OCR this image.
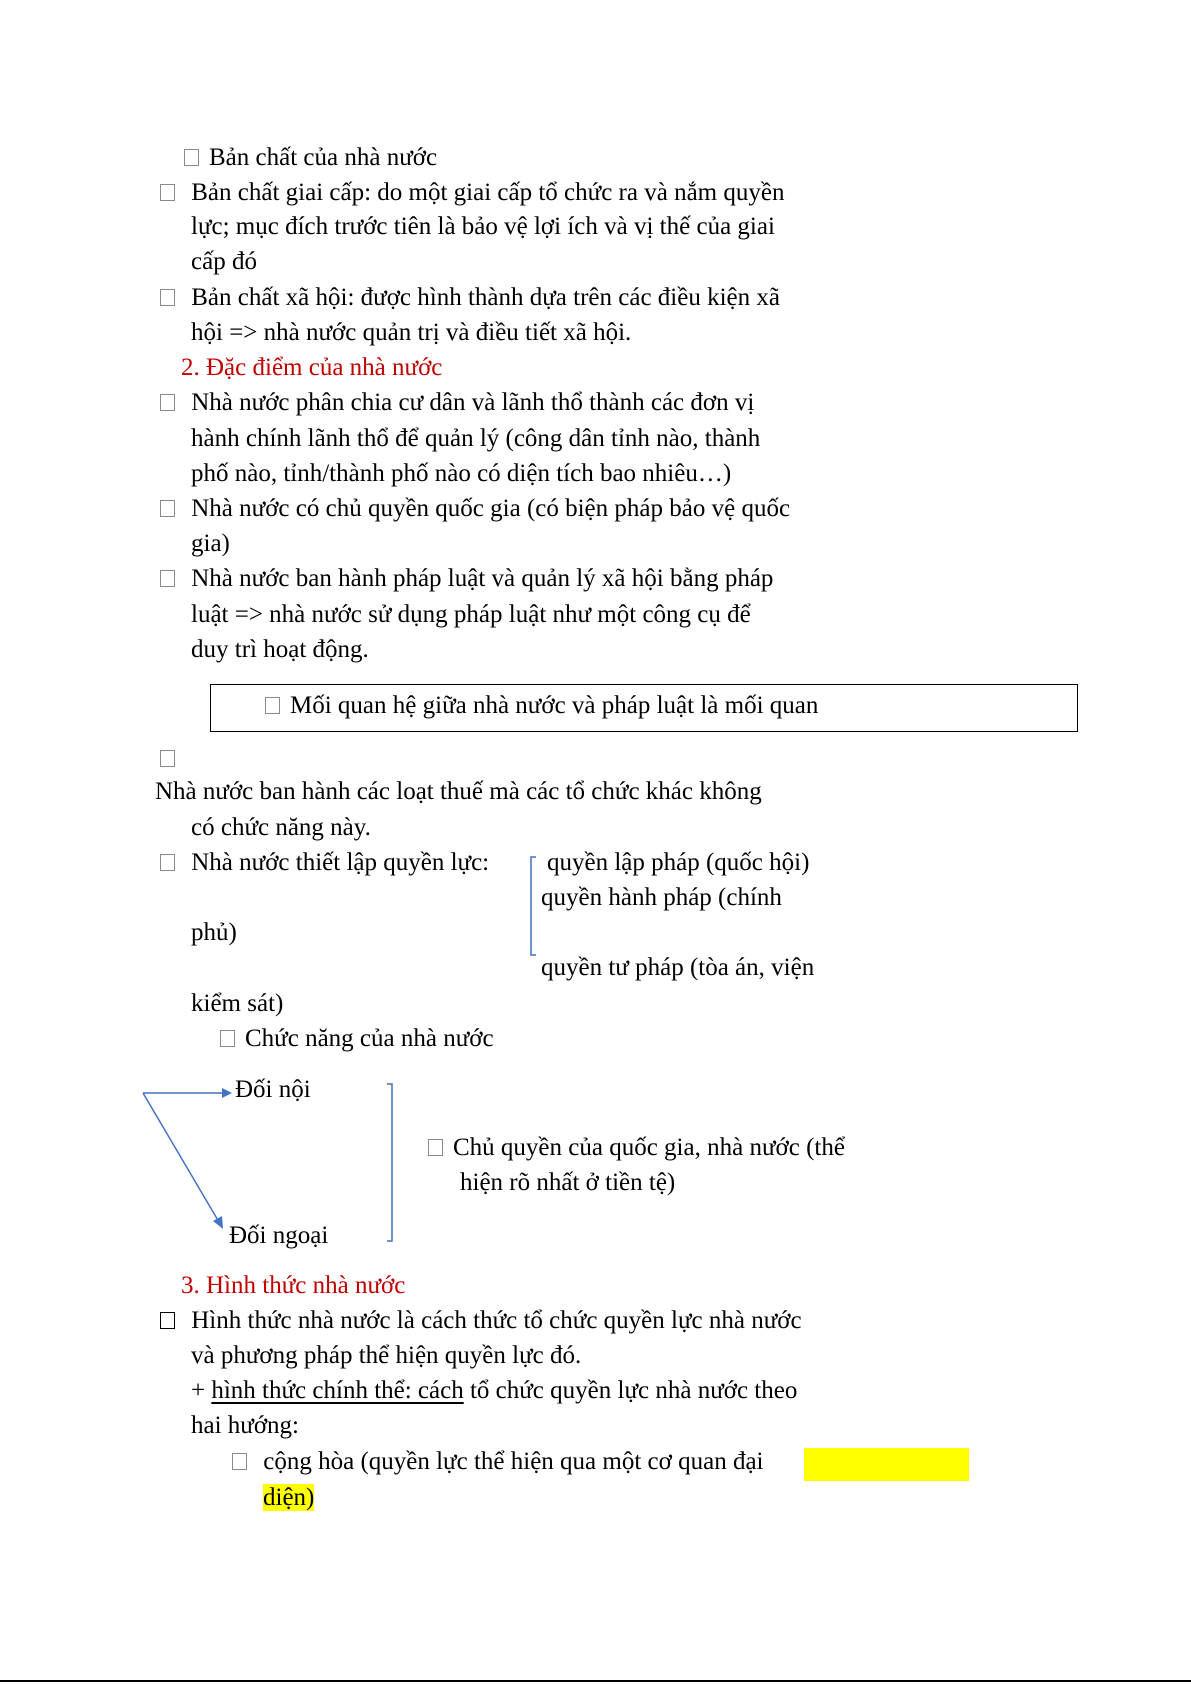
Bản chất của nhà nước
Bản chất giai cấp: do một giai cấp tổ chức ra và nắm quyền
lực; mục đích trước tiên là bảo vệ lợi ích và vị thế của giai
cấp đó
Bản chất xã hội: được hình thành dựa trên các điều kiện xã
hội => nhà nước quản trị và điều tiết xã hội.
2. Đặc điểm của nhà nước
Nhà nước phân chia cư dân và lãnh thổ thành các đơn vị
hành chính lãnh thổ để quản lý (công dân tỉnh nào, thành
phố nào, tỉnh/thành phố nào có diện tích bao nhiêu…)
Nhà nước có chủ quyền quốc gia (có biện pháp bảo vệ quốc
gia)
Nhà nước ban hành pháp luật và quản lý xã hội bằng pháp
luật => nhà nước sử dụng pháp luật như một công cụ để
duy trì hoạt động.
Mối quan hệ giữa nhà nước và pháp luật là mối quan
Nhà nước ban hành các loạt thuế mà các tổ chức khác không
có chức năng này.
Nhà nước thiết lập quyền lực: quyền lập pháp (quốc hội)
quyền hành pháp (chính
phủ)
quyền tư pháp (tòa án, viện
kiểm sát)
Chức năng của nhà nước
Đối nội
Đối ngoại
Chủ quyền của quốc gia, nhà nước (thể
hiện rõ nhất ở tiền tệ)
3. Hình thức nhà nước
Hình thức nhà nước là cách thức tổ chức quyền lực nhà nước
và phương pháp thể hiện quyền lực đó.
+ hình thức chính thể: cách tổ chức quyền lực nhà nước theo
hai hướng:
cộng hòa (quyền lực thể hiện qua một cơ quan đại
diện)
